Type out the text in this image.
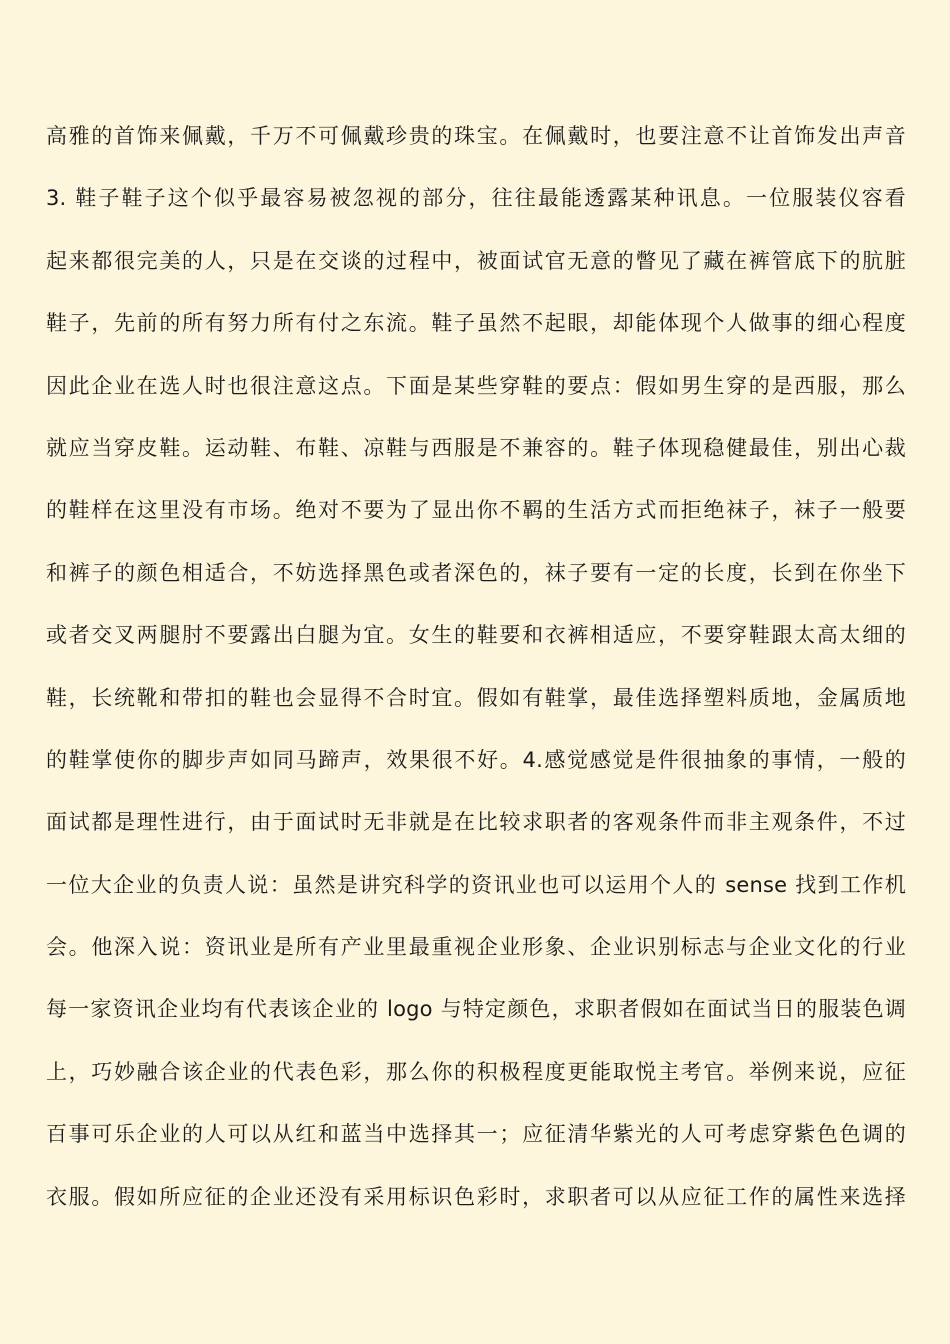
高雅的首饰来佩戴，千万不可佩戴珍贵的珠宝。在佩戴时，也要注意不让首饰发出声音
3. 鞋子鞋子这个似乎最容易被忽视的部分，往往最能透露某种讯息。一位服装仪容看
起来都很完美的人，只是在交谈的过程中，被面试官无意的瞥见了藏在裤管底下的肮脏
鞋子，先前的所有努力所有付之东流。鞋子虽然不起眼，却能体现个人做事的细心程度
因此企业在选人时也很注意这点。下面是某些穿鞋的要点：假如男生穿的是西服，那么
就应当穿皮鞋。运动鞋、布鞋、凉鞋与西服是不兼容的。鞋子体现稳健最佳，别出心裁
的鞋样在这里没有市场。绝对不要为了显出你不羁的生活方式而拒绝袜子，袜子一般要
和裤子的颜色相适合，不妨选择黑色或者深色的，袜子要有一定的长度，长到在你坐下
或者交叉两腿肘不要露出白腿为宜。女生的鞋要和衣裤相适应，不要穿鞋跟太高太细的
鞋，长统靴和带扣的鞋也会显得不合时宜。假如有鞋掌，最佳选择塑料质地，金属质地
的鞋掌使你的脚步声如同马蹄声，效果很不好。4.感觉感觉是件很抽象的事情，一般的
面试都是理性进行，由于面试时无非就是在比较求职者的客观条件而非主观条件，不过
一位大企业的负责人说：虽然是讲究科学的资讯业也可以运用个人的 sense 找到工作机
会。他深入说：资讯业是所有产业里最重视企业形象、企业识别标志与企业文化的行业
每一家资讯企业均有代表该企业的 logo 与特定颜色，求职者假如在面试当日的服装色调
上，巧妙融合该企业的代表色彩，那么你的积极程度更能取悦主考官。举例来说，应征
百事可乐企业的人可以从红和蓝当中选择其一；应征清华紫光的人可考虑穿紫色色调的
衣服。假如所应征的企业还没有采用标识色彩时，求职者可以从应征工作的属性来选择
